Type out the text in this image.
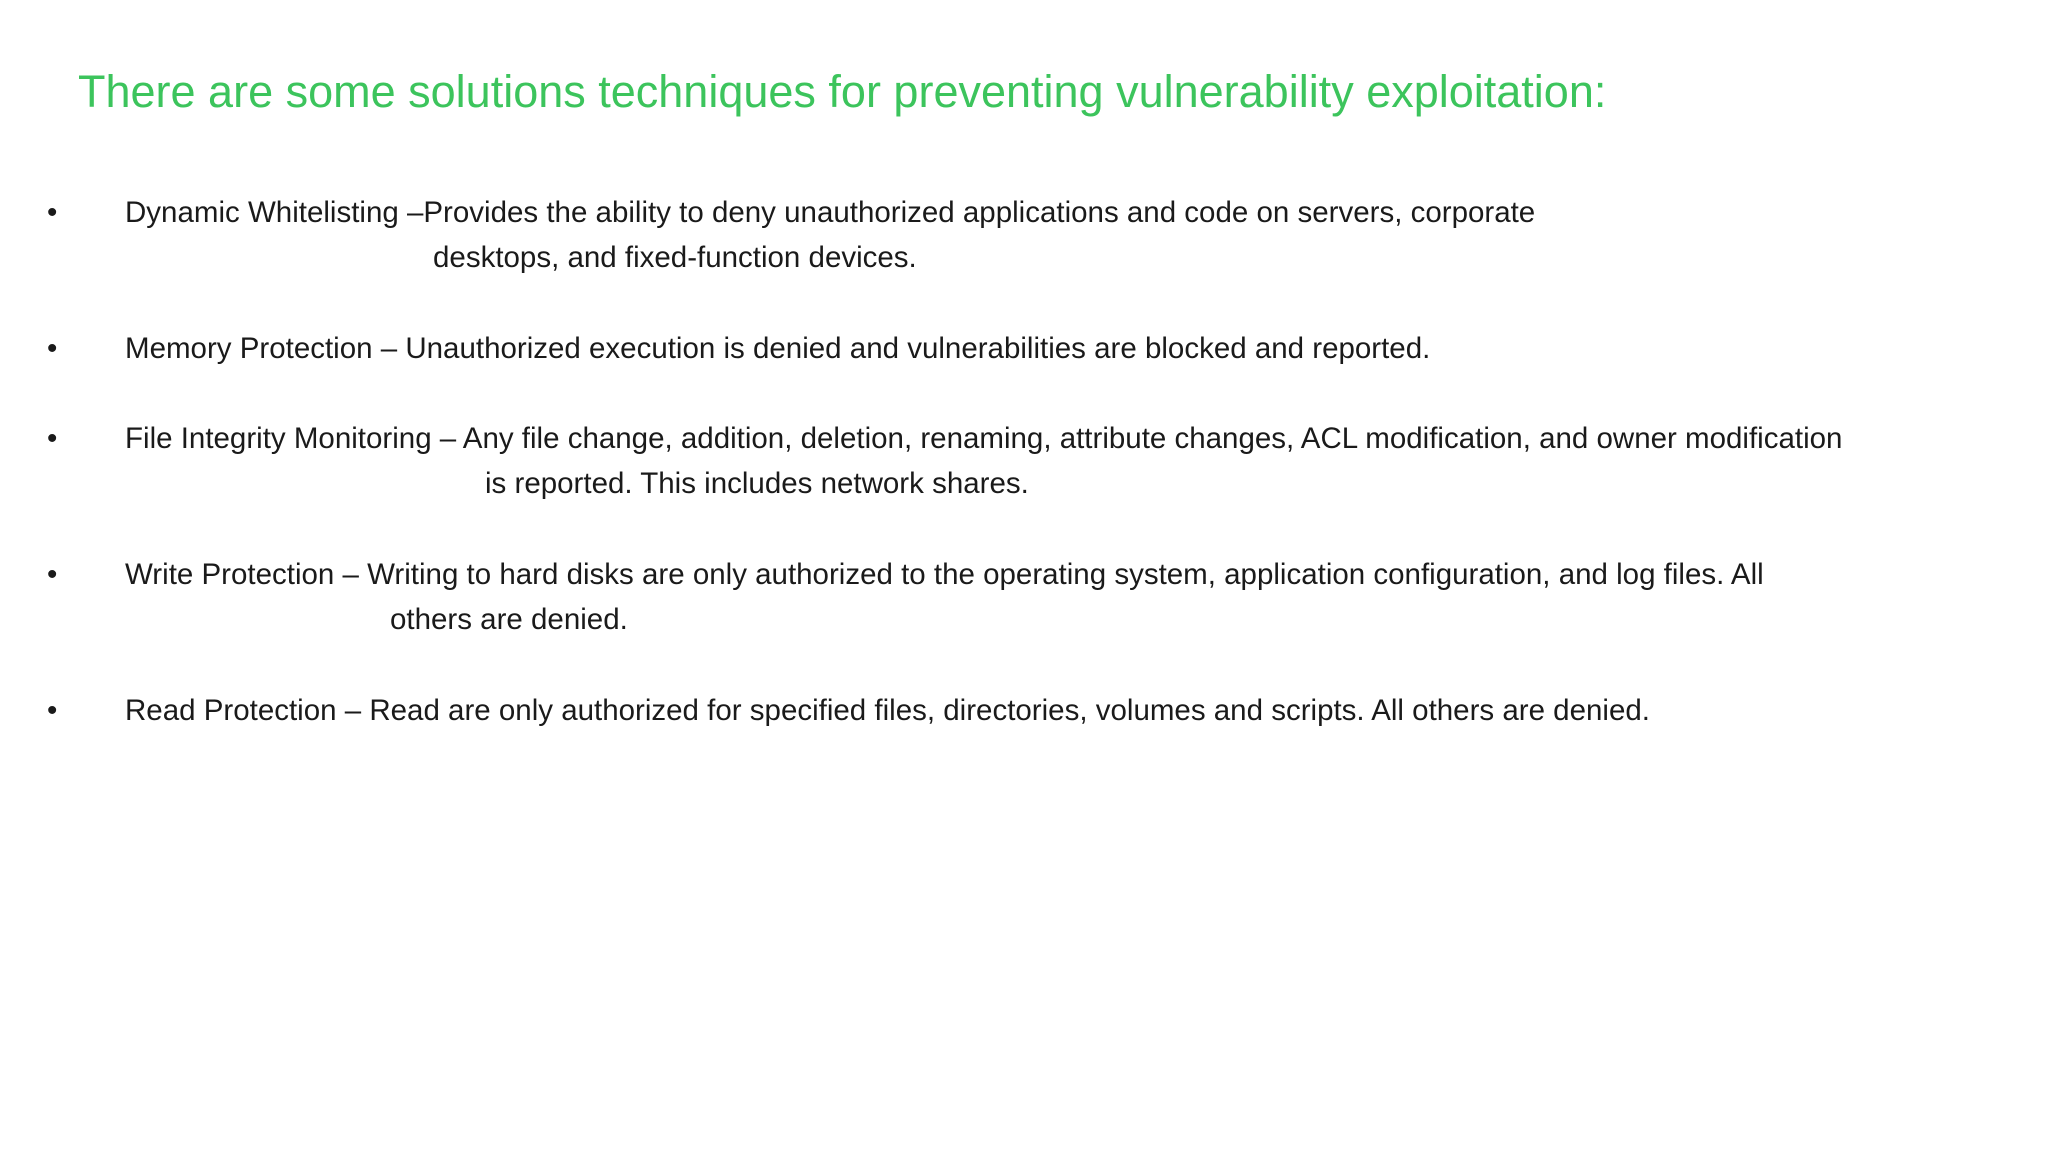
There are some solutions techniques for preventing vulnerability exploitation:
•	Dynamic Whitelisting –Provides the ability to deny unauthorized applications and code on servers, corporate
desktops, and fixed-function devices.
•	Memory Protection – Unauthorized execution is denied and vulnerabilities are blocked and reported.
•	File Integrity Monitoring – Any file change, addition, deletion, renaming, attribute changes, ACL modification, and owner modification
is reported. This includes network shares.
•	Write Protection – Writing to hard disks are only authorized to the operating system, application configuration, and log files. All
others are denied.
•	Read Protection – Read are only authorized for specified files, directories, volumes and scripts. All others are denied.
